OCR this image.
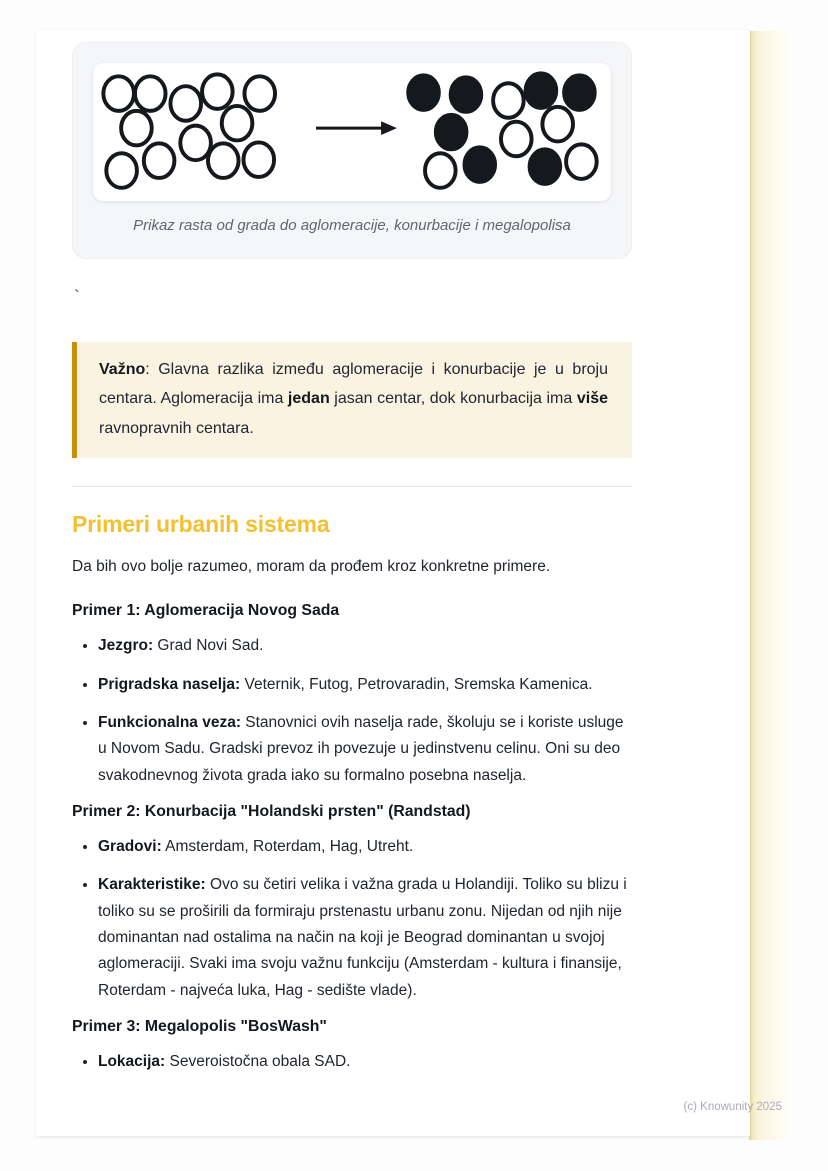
Prikaz rasta od grada do aglomeracije, konurbacije i megalopolisa

`

Važno: Glavna razlika između aglomeracije i konurbacije je u broju centara. Aglomeracija ima jedan jasan centar, dok konurbacija ima više ravnopravnih centara.

Primeri urbanih sistema

Da bih ovo bolje razumeo, moram da prođem kroz konkretne primere.

Primer 1: Aglomeracija Novog Sada

• Jezgro: Grad Novi Sad.
• Prigradska naselja: Veternik, Futog, Petrovaradin, Sremska Kamenica.
• Funkcionalna veza: Stanovnici ovih naselja rade, školuju se i koriste usluge u Novom Sadu. Gradski prevoz ih povezuje u jedinstvenu celinu. Oni su deo svakodnevnog života grada iako su formalno posebna naselja.

Primer 2: Konurbacija "Holandski prsten" (Randstad)

• Gradovi: Amsterdam, Roterdam, Hag, Utreht.
• Karakteristike: Ovo su četiri velika i važna grada u Holandiji. Toliko su blizu i toliko su se proširili da formiraju prstenastu urbanu zonu. Nijedan od njih nije dominantan nad ostalima na način na koji je Beograd dominantan u svojoj aglomeraciji. Svaki ima svoju važnu funkciju (Amsterdam - kultura i finansije, Roterdam - najveća luka, Hag - sedište vlade).

Primer 3: Megalopolis "BosWash"

• Lokacija: Severoistočna obala SAD.
(c) Knowunity 2025
